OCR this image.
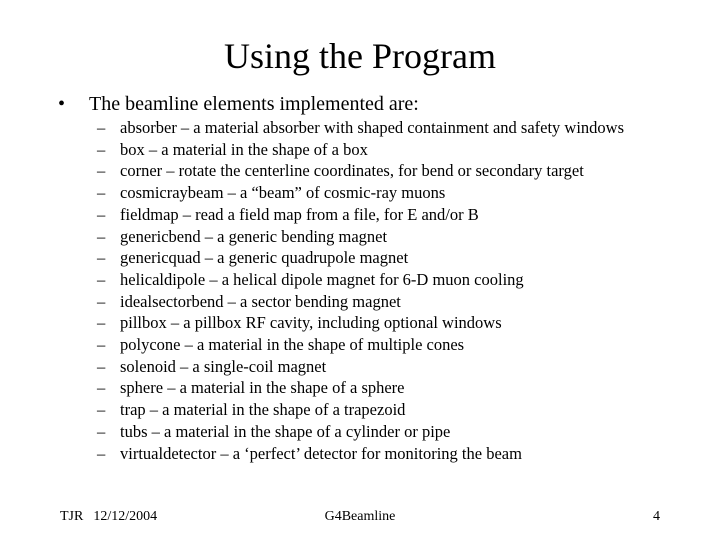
Using the Program
• The beamline elements implemented are:
– absorber – a material absorber with shaped containment and safety windows
– box – a material in the shape of a box
– corner – rotate the centerline coordinates, for bend or secondary target
– cosmicraybeam – a “beam” of cosmic-ray muons
– fieldmap – read a field map from a file, for E and/or B
– genericbend – a generic bending magnet
– genericquad – a generic quadrupole magnet
– helicaldipole – a helical dipole magnet for 6-D muon cooling
– idealsectorbend – a sector bending magnet
– pillbox – a pillbox RF cavity, including optional windows
– polycone – a material in the shape of multiple cones
– solenoid – a single-coil magnet
– sphere – a material in the shape of a sphere
– trap – a material in the shape of a trapezoid
– tubs – a material in the shape of a cylinder or pipe
– virtualdetector – a ‘perfect’ detector for monitoring the beam
TJR 12/12/2004	G4Beamline	4
